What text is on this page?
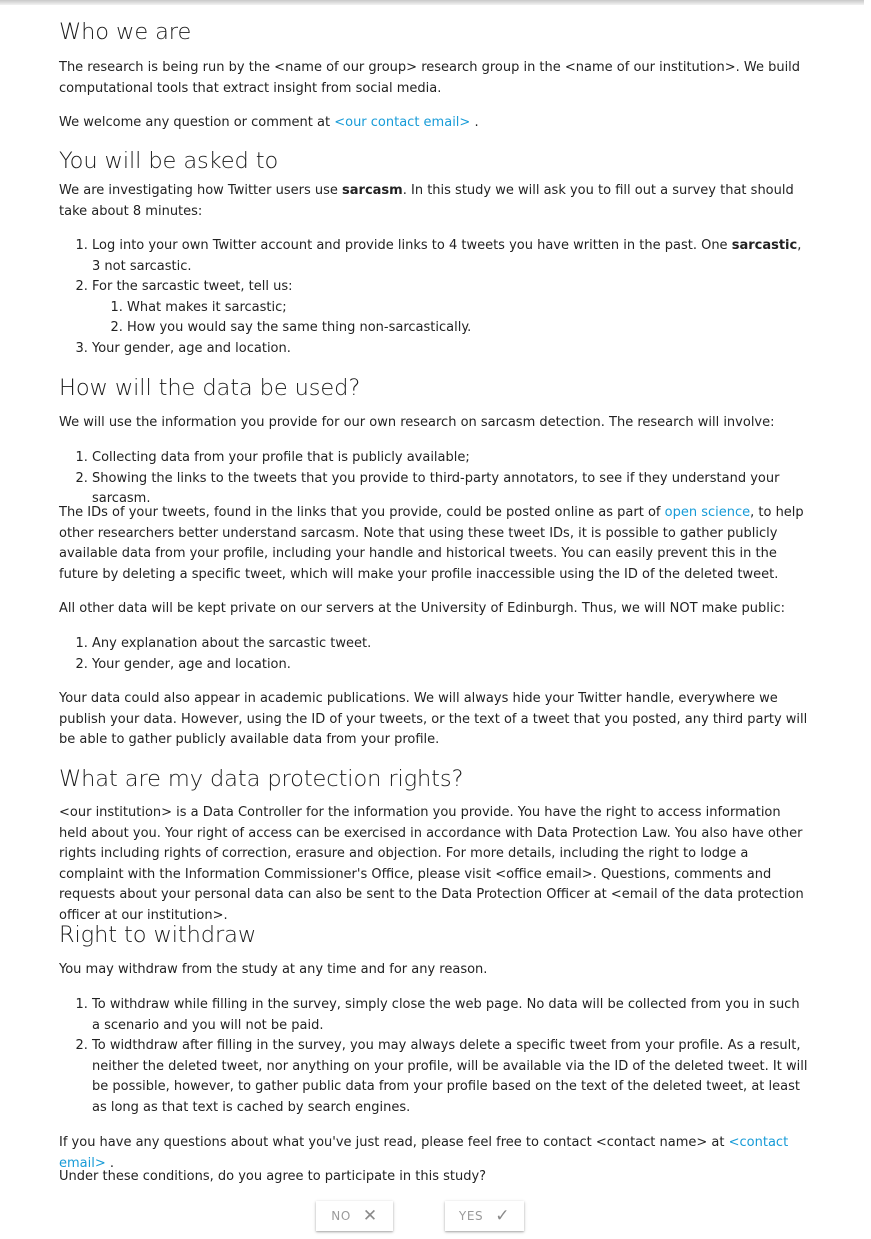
Who we are

The research is being run by the <name of our group> research group in the <name of our institution>. We build computational tools that extract insight from social media.

We welcome any question or comment at <our contact email> .

You will be asked to

We are investigating how Twitter users use sarcasm. In this study we will ask you to fill out a survey that should take about 8 minutes:

1. Log into your own Twitter account and provide links to 4 tweets you have written in the past. One sarcastic, 3 not sarcastic.
2. For the sarcastic tweet, tell us:
1. What makes it sarcastic;
2. How you would say the same thing non-sarcastically.
3. Your gender, age and location.
How will the data be used?

We will use the information you provide for our own research on sarcasm detection. The research will involve:

1. Collecting data from your profile that is publicly available;
2. Showing the links to the tweets that you provide to third-party annotators, to see if they understand your sarcasm.

The IDs of your tweets, found in the links that you provide, could be posted online as part of open science, to help other researchers better understand sarcasm. Note that using these tweet IDs, it is possible to gather publicly available data from your profile, including your handle and historical tweets. You can easily prevent this in the future by deleting a specific tweet, which will make your profile inaccessible using the ID of the deleted tweet.

All other data will be kept private on our servers at the University of Edinburgh. Thus, we will NOT make public:

1. Any explanation about the sarcastic tweet.
2. Your gender, age and location.

Your data could also appear in academic publications. We will always hide your Twitter handle, everywhere we publish your data. However, using the ID of your tweets, or the text of a tweet that you posted, any third party will be able to gather publicly available data from your profile.

What are my data protection rights?

<our institution> is a Data Controller for the information you provide. You have the right to access information held about you. Your right of access can be exercised in accordance with Data Protection Law. You also have other rights including rights of correction, erasure and objection. For more details, including the right to lodge a complaint with the Information Commissioner's Office, please visit <office email>. Questions, comments and requests about your personal data can also be sent to the Data Protection Officer at <email of the data protection officer at our institution>.

Right to withdraw

You may withdraw from the study at any time and for any reason.

1. To withdraw while filling in the survey, simply close the web page. No data will be collected from you in such a scenario and you will not be paid.
2. To widthdraw after filling in the survey, you may always delete a specific tweet from your profile. As a result, neither the deleted tweet, nor anything on your profile, will be available via the ID of the deleted tweet. It will be possible, however, to gather public data from your profile based on the text of the deleted tweet, at least as long as that text is cached by search engines.

If you have any questions about what you've just read, please feel free to contact <contact name> at <contact email> .

Under these conditions, do you agree to participate in this study?

NO ✕	YES ✓
